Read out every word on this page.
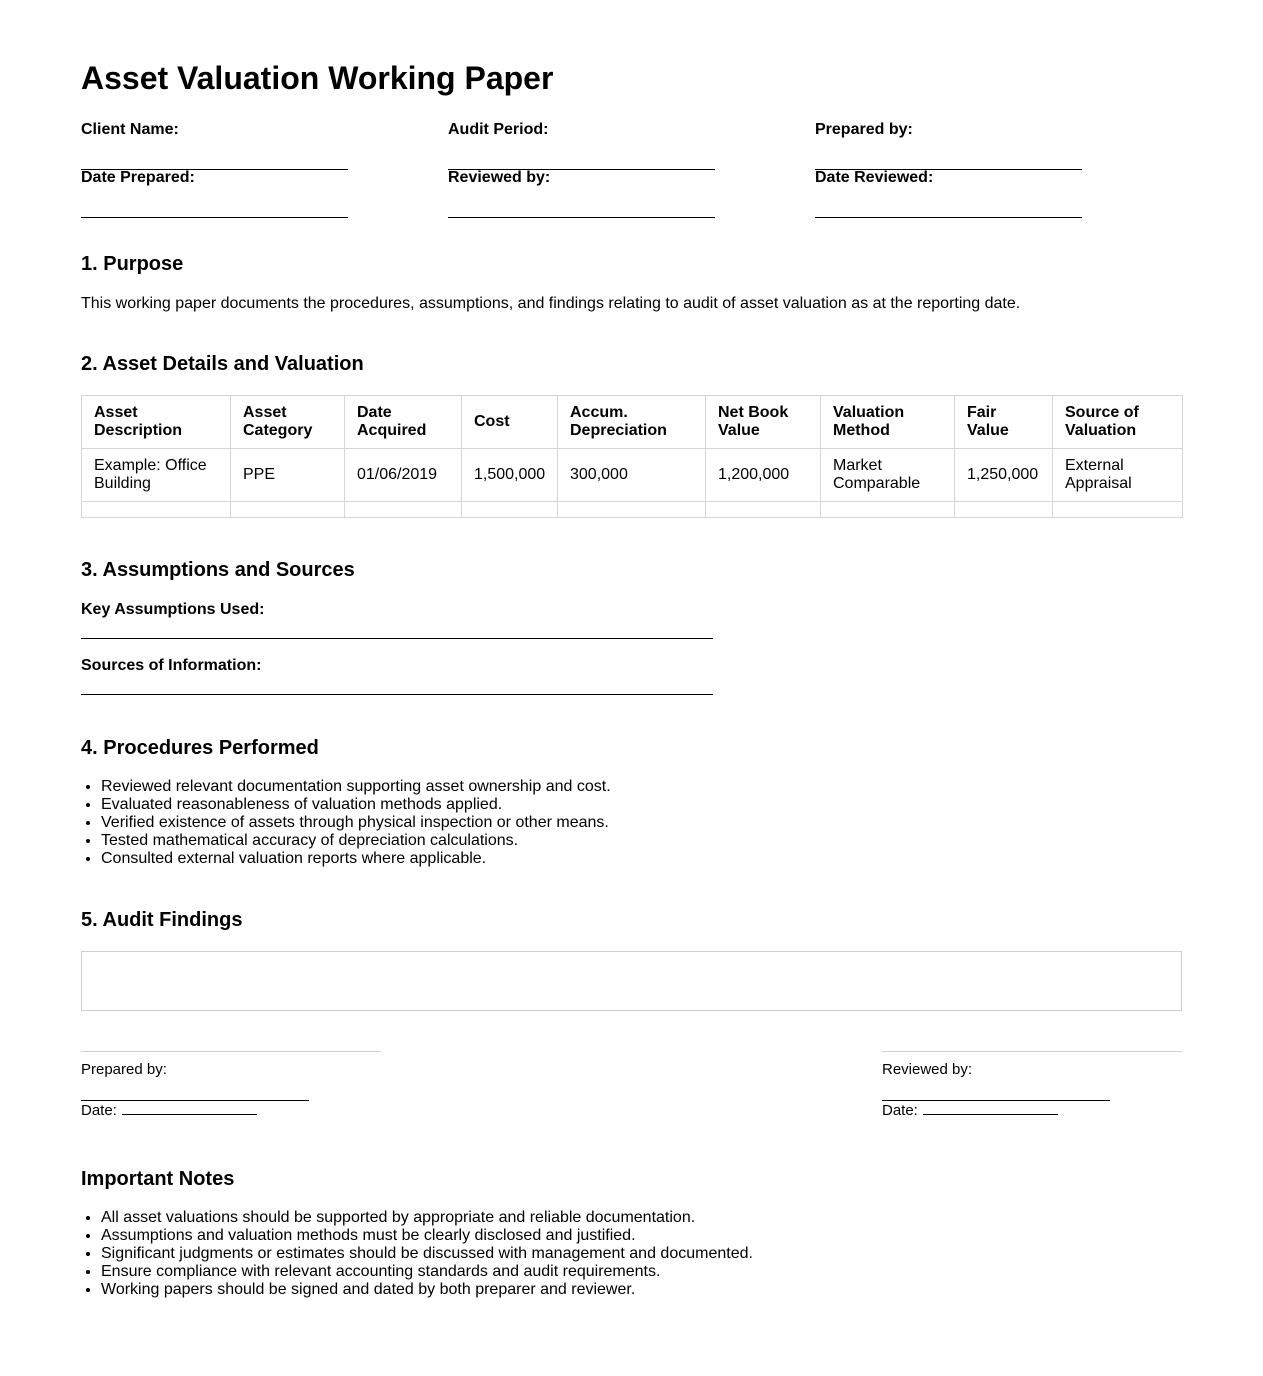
Asset Valuation Working Paper
Client Name:	Audit Period:	Prepared by:
Date Prepared:	Reviewed by:	Date Reviewed:
1. Purpose
This working paper documents the procedures, assumptions, and findings relating to audit of asset valuation as at the reporting date.
2. Asset Details and Valuation
Asset Description	Asset Category	Date Acquired	Cost	Accum. Depreciation	Net Book Value	Valuation Method	Fair Value	Source of Valuation
Example: Office Building	PPE	01/06/2019	1,500,000	300,000	1,200,000	Market Comparable	1,250,000	External Appraisal

3. Assumptions and Sources
Key Assumptions Used:
Sources of Information:
4. Procedures Performed
• Reviewed relevant documentation supporting asset ownership and cost.
• Evaluated reasonableness of valuation methods applied.
• Verified existence of assets through physical inspection or other means.
• Tested mathematical accuracy of depreciation calculations.
• Consulted external valuation reports where applicable.
5. Audit Findings
Prepared by:
Date:
Reviewed by:
Date:
Important Notes
• All asset valuations should be supported by appropriate and reliable documentation.
• Assumptions and valuation methods must be clearly disclosed and justified.
• Significant judgments or estimates should be discussed with management and documented.
• Ensure compliance with relevant accounting standards and audit requirements.
• Working papers should be signed and dated by both preparer and reviewer.
